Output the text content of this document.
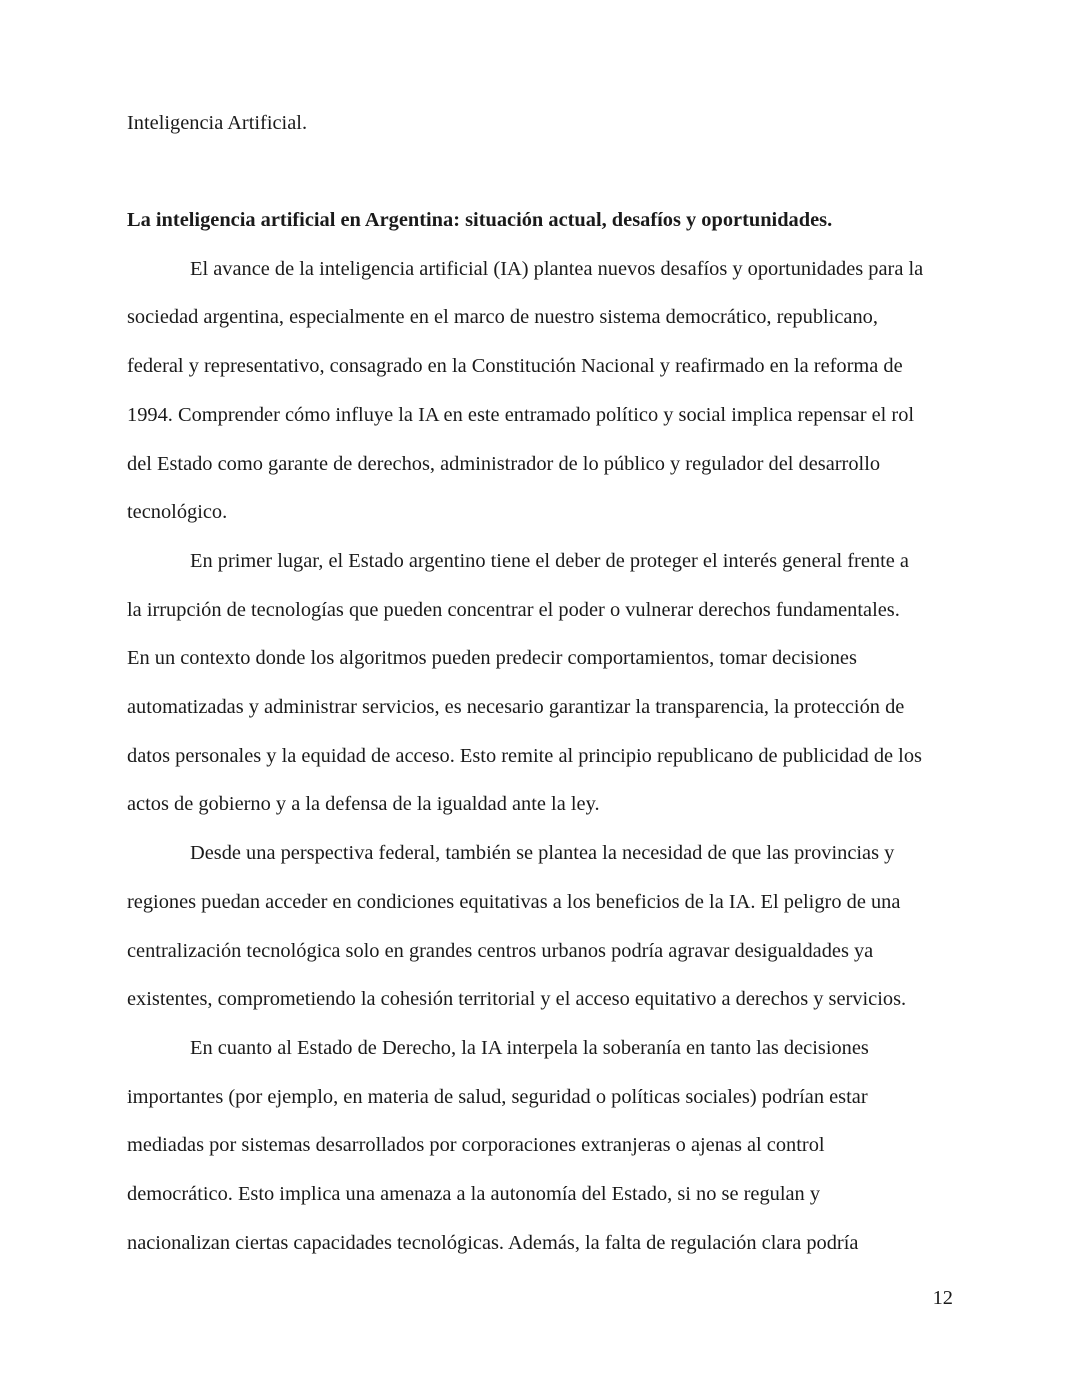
Inteligencia Artificial.
La inteligencia artificial en Argentina: situación actual, desafíos y oportunidades.

El avance de la inteligencia artificial (IA) plantea nuevos desafíos y oportunidades para la
sociedad argentina, especialmente en el marco de nuestro sistema democrático, republicano,
federal y representativo, consagrado en la Constitución Nacional y reafirmado en la reforma de
1994. Comprender cómo influye la IA en este entramado político y social implica repensar el rol
del Estado como garante de derechos, administrador de lo público y regulador del desarrollo
tecnológico.

En primer lugar, el Estado argentino tiene el deber de proteger el interés general frente a
la irrupción de tecnologías que pueden concentrar el poder o vulnerar derechos fundamentales.
En un contexto donde los algoritmos pueden predecir comportamientos, tomar decisiones
automatizadas y administrar servicios, es necesario garantizar la transparencia, la protección de
datos personales y la equidad de acceso. Esto remite al principio republicano de publicidad de los
actos de gobierno y a la defensa de la igualdad ante la ley.

Desde una perspectiva federal, también se plantea la necesidad de que las provincias y
regiones puedan acceder en condiciones equitativas a los beneficios de la IA. El peligro de una
centralización tecnológica solo en grandes centros urbanos podría agravar desigualdades ya
existentes, comprometiendo la cohesión territorial y el acceso equitativo a derechos y servicios.

En cuanto al Estado de Derecho, la IA interpela la soberanía en tanto las decisiones
importantes (por ejemplo, en materia de salud, seguridad o políticas sociales) podrían estar
mediadas por sistemas desarrollados por corporaciones extranjeras o ajenas al control
democrático. Esto implica una amenaza a la autonomía del Estado, si no se regulan y
nacionalizan ciertas capacidades tecnológicas. Además, la falta de regulación clara podría

12
